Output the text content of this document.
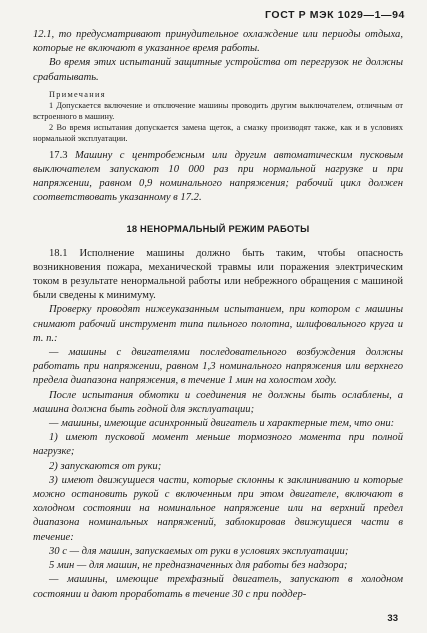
ГОСТ Р МЭК 1029—1—94

12.1, то предусматривают принудительное охлаждение или периоды отдыха, которые не включают в указанное время работы.

Во время этих испытаний защитные устройства от перегрузок не должны срабатывать.

Примечания

1 Допускается включение и отключение машины проводить другим выключателем, отличным от встроенного в машину.

2 Во время испытания допускается замена щеток, а смазку производят также, как и в условиях нормальной эксплуатации.

17.3 Машину с центробежным или другим автоматическим пусковым выключателем запускают 10 000 раз при нормальной нагрузке и при напряжении, равном 0,9 номинального напряжения; рабочий цикл должен соответствовать указанному в 17.2.

18 НЕНОРМАЛЬНЫЙ РЕЖИМ РАБОТЫ

18.1 Исполнение машины должно быть таким, чтобы опасность возникновения пожара, механической травмы или поражения электрическим током в результате ненормальной работы или небрежного обращения с машиной были сведены к минимуму.

Проверку проводят нижеуказанным испытанием, при котором с машины снимают рабочий инструмент типа пильного полотна, шлифовального круга и т. п.:

— машины с двигателями последовательного возбуждения должны работать при напряжении, равном 1,3 номинального напряжения или верхнего предела диапазона напряжения, в течение 1 мин на холостом ходу.

После испытания обмотки и соединения не должны быть ослаблены, а машина должна быть годной для эксплуатации;

— машины, имеющие асинхронный двигатель и характерные тем, что они:

1) имеют пусковой момент меньше тормозного момента при полной нагрузке;

2) запускаются от руки;

3) имеют движущиеся части, которые склонны к заклиниванию и которые можно остановить рукой с включенным при этом двигателе, включают в холодном состоянии на номинальное напряжение или на верхний предел диапазона номинальных напряжений, заблокировав движущиеся части в течение:

30 с — для машин, запускаемых от руки в условиях эксплуатации;

5 мин — для машин, не предназначенных для работы без надзора;

— машины, имеющие трехфазный двигатель, запускают в холодном состоянии и дают проработать в течение 30 с при поддер-

33
